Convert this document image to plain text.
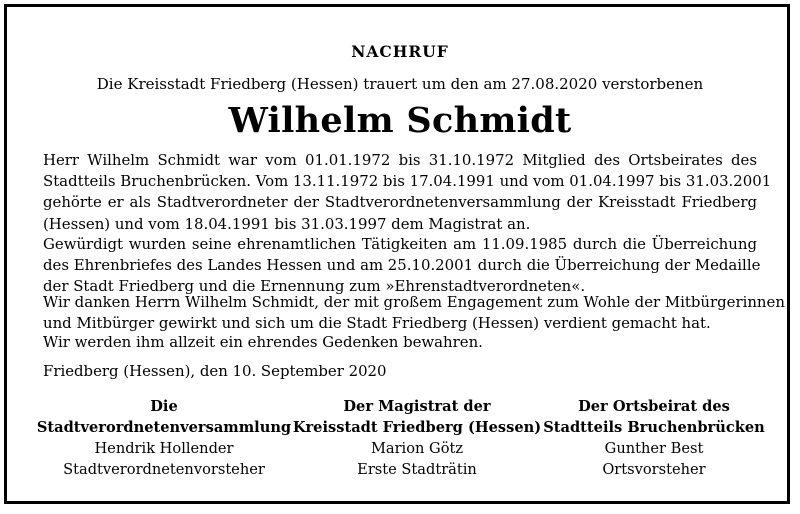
NACHRUF
Die Kreisstadt Friedberg (Hessen) trauert um den am 27.08.2020 verstorbenen
Wilhelm Schmidt
Herr Wilhelm Schmidt war vom 01.01.1972 bis 31.10.1972 Mitglied des Ortsbeirates des
Stadtteils Bruchenbrücken. Vom 13.11.1972 bis 17.04.1991 und vom 01.04.1997 bis 31.03.2001
gehörte er als Stadtverordneter der Stadtverordnetenversammlung der Kreisstadt Friedberg
(Hessen) und vom 18.04.1991 bis 31.03.1997 dem Magistrat an.
Gewürdigt wurden seine ehrenamtlichen Tätigkeiten am 11.09.1985 durch die Überreichung
des Ehrenbriefes des Landes Hessen und am 25.10.2001 durch die Überreichung der Medaille
der Stadt Friedberg und die Ernennung zum »Ehrenstadtverordneten«.
Wir danken Herrn Wilhelm Schmidt, der mit großem Engagement zum Wohle der Mitbürgerinnen
und Mitbürger gewirkt und sich um die Stadt Friedberg (Hessen) verdient gemacht hat.
Wir werden ihm allzeit ein ehrendes Gedenken bewahren.
Friedberg (Hessen), den 10. September 2020
Die
Stadtverordnetenversammlung
Hendrik Hollender
Stadtverordnetenvorsteher
Der Magistrat der
Kreisstadt Friedberg (Hessen)
Marion Götz
Erste Stadträtin
Der Ortsbeirat des
Stadtteils Bruchenbrücken
Gunther Best
Ortsvorsteher
